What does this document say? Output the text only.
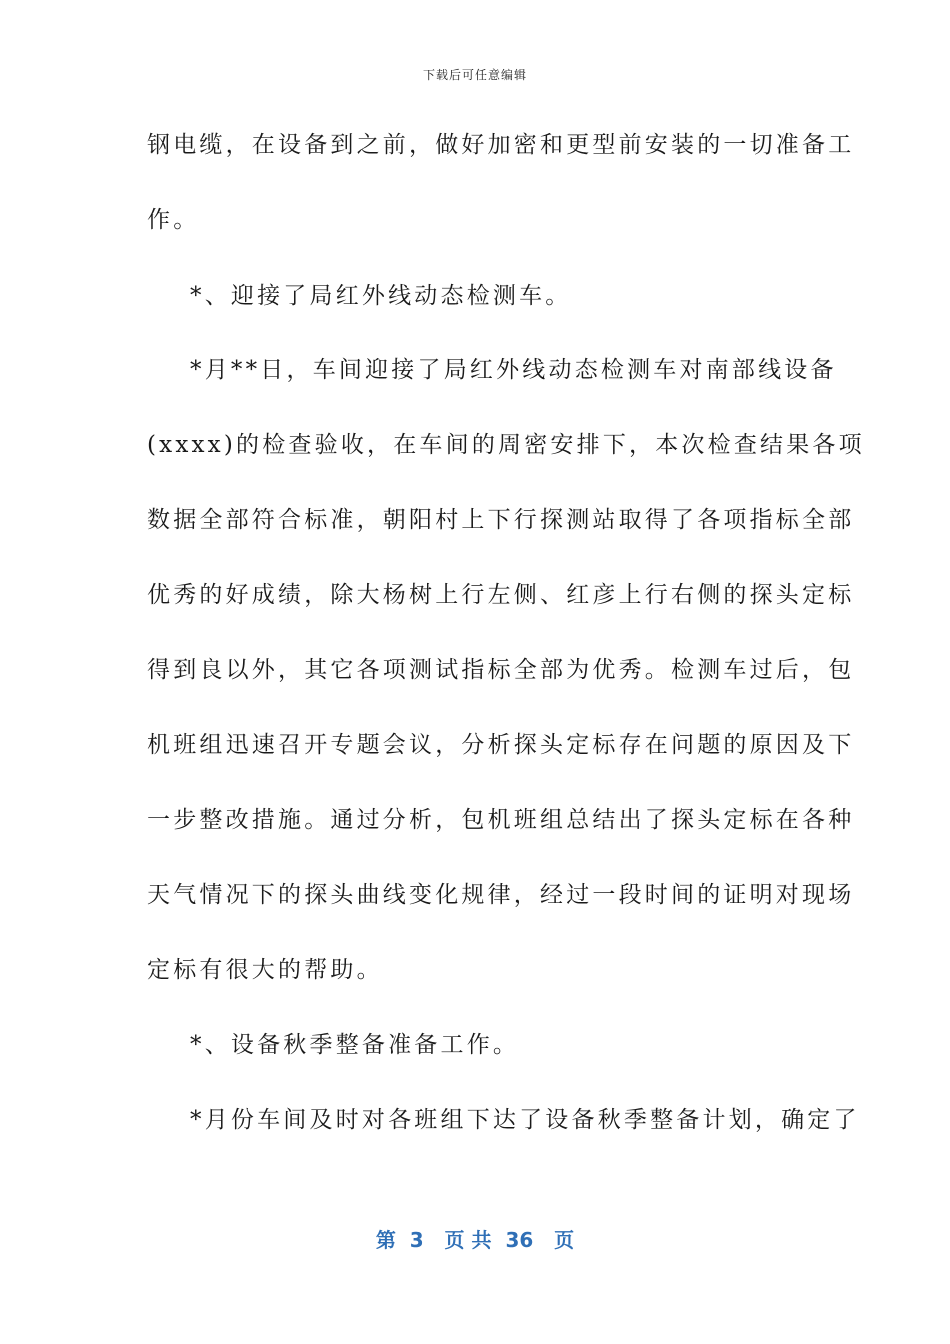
下载后可任意编辑
钢电缆，在设备到之前，做好加密和更型前安装的一切准备工
作。
*、迎接了局红外线动态检测车。
*月**日，车间迎接了局红外线动态检测车对南部线设备
(xxxx)的检查验收，在车间的周密安排下，本次检查结果各项
数据全部符合标准，朝阳村上下行探测站取得了各项指标全部
优秀的好成绩，除大杨树上行左侧、红彦上行右侧的探头定标
得到良以外，其它各项测试指标全部为优秀。检测车过后，包
机班组迅速召开专题会议，分析探头定标存在问题的原因及下
一步整改措施。通过分析，包机班组总结出了探头定标在各种
天气情况下的探头曲线变化规律，经过一段时间的证明对现场
定标有很大的帮助。
*、设备秋季整备准备工作。
*月份车间及时对各班组下达了设备秋季整备计划，确定了
第  3   页 共  36   页
